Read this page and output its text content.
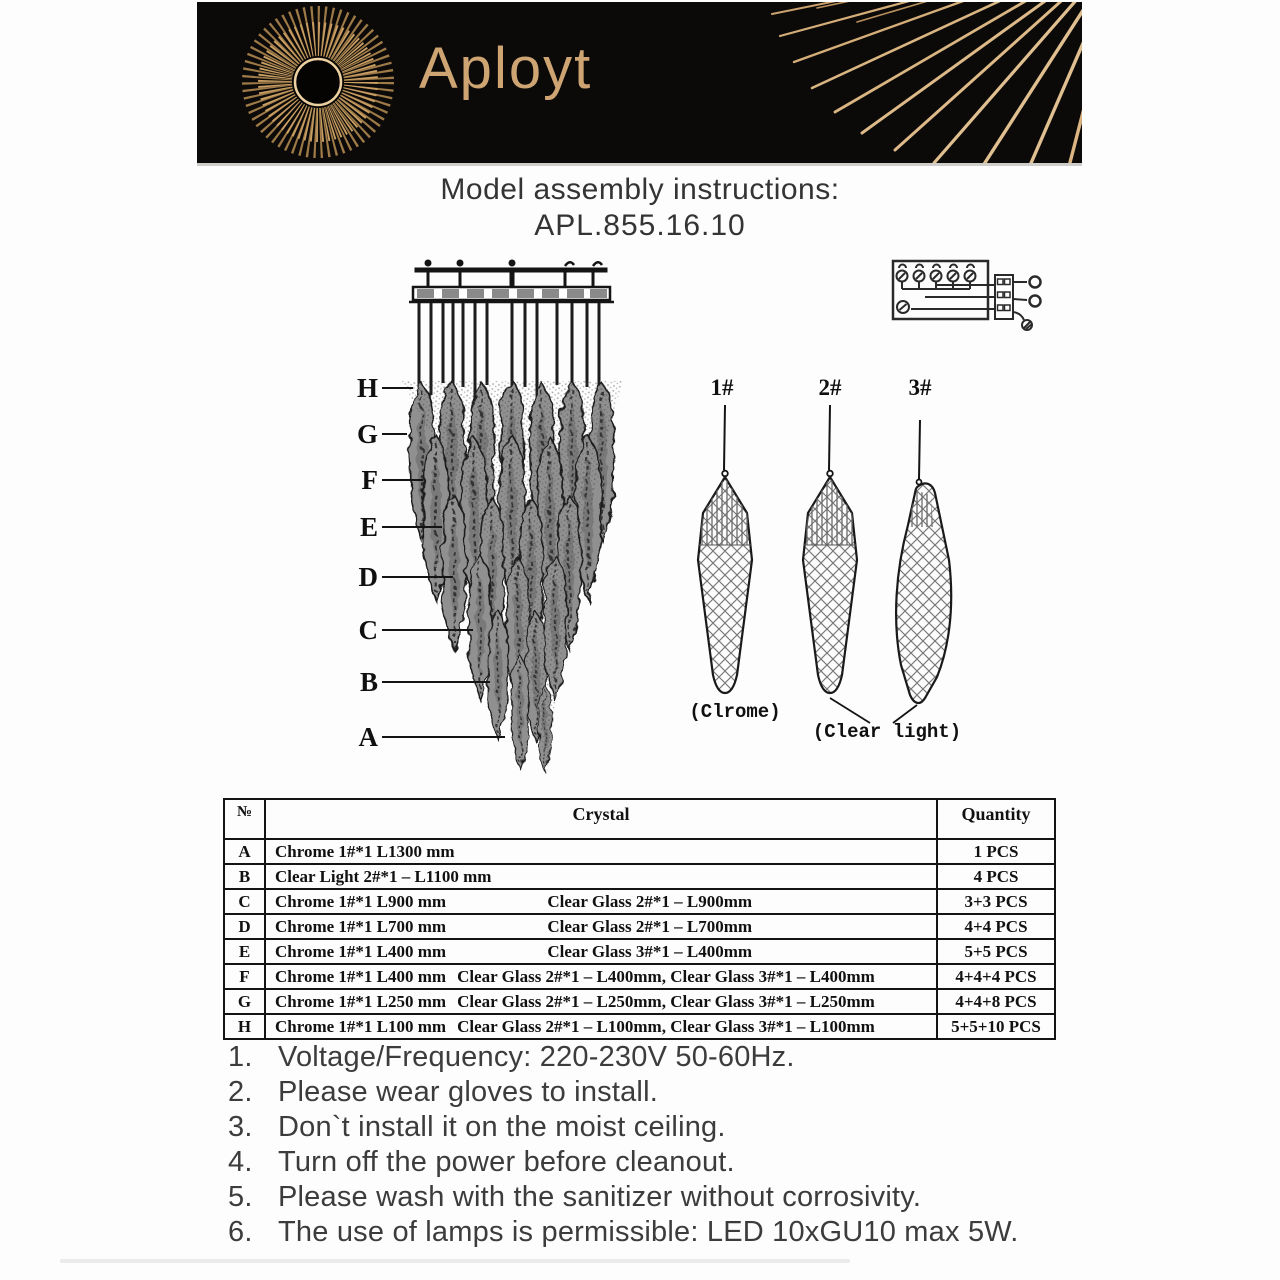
Aployt
Model assembly instructions:
APL.855.16.10
H
G
F
E
D
C
B
A
1#	2#	3#
(Clrome)
(Clear light)
№	Crystal	Quantity
A	Chrome 1#*1 L1300 mm	1 PCS
B	Clear Light 2#*1 – L1100 mm	4 PCS
C	Chrome 1#*1 L900 mm Clear Glass 2#*1 – L900mm	3+3 PCS
D	Chrome 1#*1 L700 mm Clear Glass 2#*1 – L700mm	4+4 PCS
E	Chrome 1#*1 L400 mm Clear Glass 3#*1 – L400mm	5+5 PCS
F	Chrome 1#*1 L400 mm Clear Glass 2#*1 – L400mm, Clear Glass 3#*1 – L400mm	4+4+4 PCS
G	Chrome 1#*1 L250 mm Clear Glass 2#*1 – L250mm, Clear Glass 3#*1 – L250mm	4+4+8 PCS
H	Chrome 1#*1 L100 mm Clear Glass 2#*1 – L100mm, Clear Glass 3#*1 – L100mm	5+5+10 PCS
1. Voltage/Frequency: 220-230V 50-60Hz.
2. Please wear gloves to install.
3. Don`t install it on the moist ceiling.
4. Turn off the power before cleanout.
5. Please wash with the sanitizer without corrosivity.
6. The use of lamps is permissible: LED 10xGU10 max 5W.
